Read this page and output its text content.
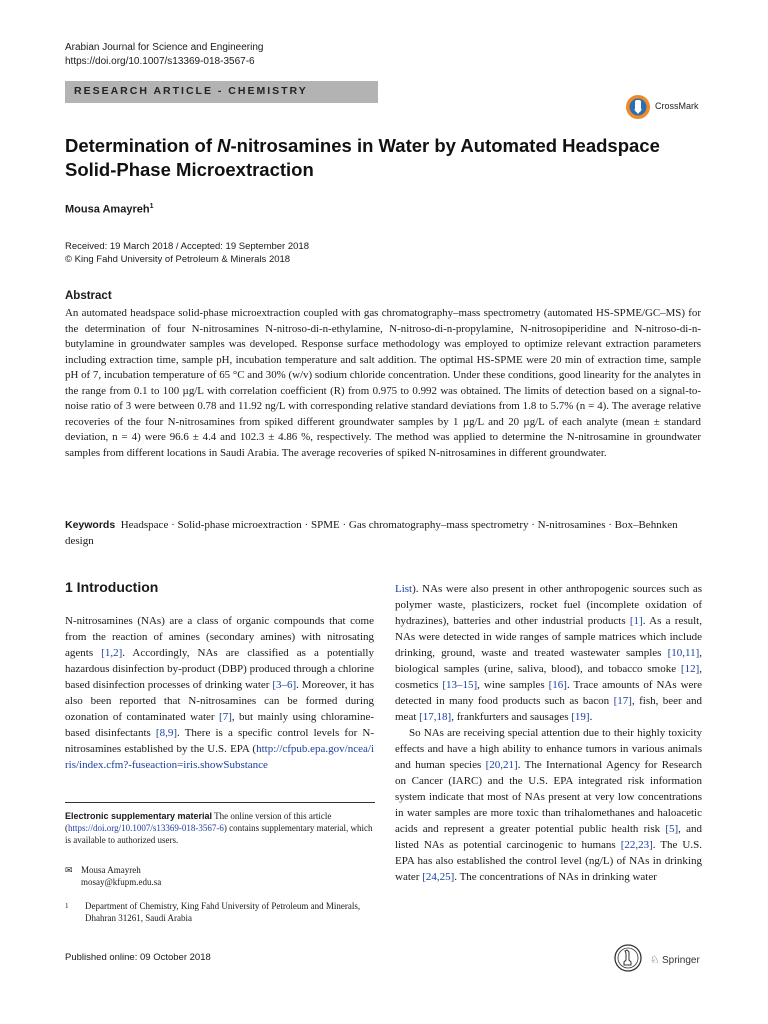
Arabian Journal for Science and Engineering
https://doi.org/10.1007/s13369-018-3567-6
RESEARCH ARTICLE - CHEMISTRY
CrossMark
Determination of N-nitrosamines in Water by Automated Headspace Solid-Phase Microextraction
Mousa Amayreh$^1$
Received: 19 March 2018 / Accepted: 19 September 2018
© King Fahd University of Petroleum & Minerals 2018
Abstract
An automated headspace solid-phase microextraction coupled with gas chromatography–mass spectrometry (automated HS-SPME/GC–MS) for the determination of four N-nitrosamines N-nitroso-di-n-ethylamine, N-nitroso-di-n-propylamine, N-nitrosopiperidine and N-nitroso-di-n-butylamine in groundwater samples was developed. Response surface methodology was employed to optimize relevant extraction parameters including extraction time, sample pH, incubation temperature and salt addition. The optimal HS-SPME were 20 min of extraction time, sample pH of 7, incubation temperature of 65 °C and 30% (w/v) sodium chloride concentration. Under these conditions, good linearity for the analytes in the range from 0.1 to 100 µg/L with correlation coefficient (R) from 0.975 to 0.992 was obtained. The limits of detection based on a signal-to-noise ratio of 3 were between 0.78 and 11.92 ng/L with corresponding relative standard deviations from 1.8 to 5.7% (n = 4). The average relative recoveries of the four N-nitrosamines from spiked different groundwater samples by 1 µg/L and 20 µg/L of each analyte (mean ± standard deviation, n = 4) were 96.6 ± 4.4 and 102.3 ± 4.86 %, respectively. The method was applied to determine the N-nitrosamine in groundwater samples from different locations in Saudi Arabia. The average recoveries of spiked N-nitrosamines in different groundwater.
Keywords Headspace · Solid-phase microextraction · SPME · Gas chromatography–mass spectrometry · N-nitrosamines · Box–Behnken design
1 Introduction
N-nitrosamines (NAs) are a class of organic compounds that come from the reaction of amines (secondary amines) with nitrosating agents [1,2]. Accordingly, NAs are classified as a potentially hazardous disinfection by-product (DBP) produced through a chlorine based disinfection processes of drinking water [3–6]. Moreover, it has also been reported that N-nitrosamines can be formed during ozonation of contaminated water [7], but mainly using chloramine-based disinfectants [8,9]. There is a specific control levels for N-nitrosamines established by the U.S. EPA (http://cfpub.epa.gov/ncea/iris/index.cfm?-fuseaction=iris.showSubstance
List). NAs were also present in other anthropogenic sources such as polymer waste, plasticizers, rocket fuel (incomplete oxidation of hydrazines), batteries and other industrial products [1]. As a result, NAs were detected in wide ranges of sample matrices which include drinking, ground, waste and treated wastewater samples [10,11], biological samples (urine, saliva, blood), and tobacco smoke [12], cosmetics [13–15], wine samples [16]. Trace amounts of NAs were detected in many food products such as bacon [17], fish, beer and meat [17,18], frankfurters and sausages [19].
So NAs are receiving special attention due to their highly toxicity effects and have a high ability to enhance tumors in various animals and human species [20,21]. The International Agency for Research on Cancer (IARC) and the U.S. EPA integrated risk information system indicate that most of NAs present at very low concentrations in water samples are more toxic than trihalomethanes and haloacetic acids and represent a greater potential public health risk [5], and listed NAs as potential carcinogenic to humans [22,23]. The U.S. EPA has also established the control level (ng/L) of NAs in drinking water [24,25]. The concentrations of NAs in drinking water
Electronic supplementary material The online version of this article (https://doi.org/10.1007/s13369-018-3567-6) contains supplementary material, which is available to authorized users.
✉ Mousa Amayreh
mosay@kfupm.edu.sa
1	Department of Chemistry, King Fahd University of Petroleum and Minerals, Dhahran 31261, Saudi Arabia
Published online: 09 October 2018	♘ Springer
